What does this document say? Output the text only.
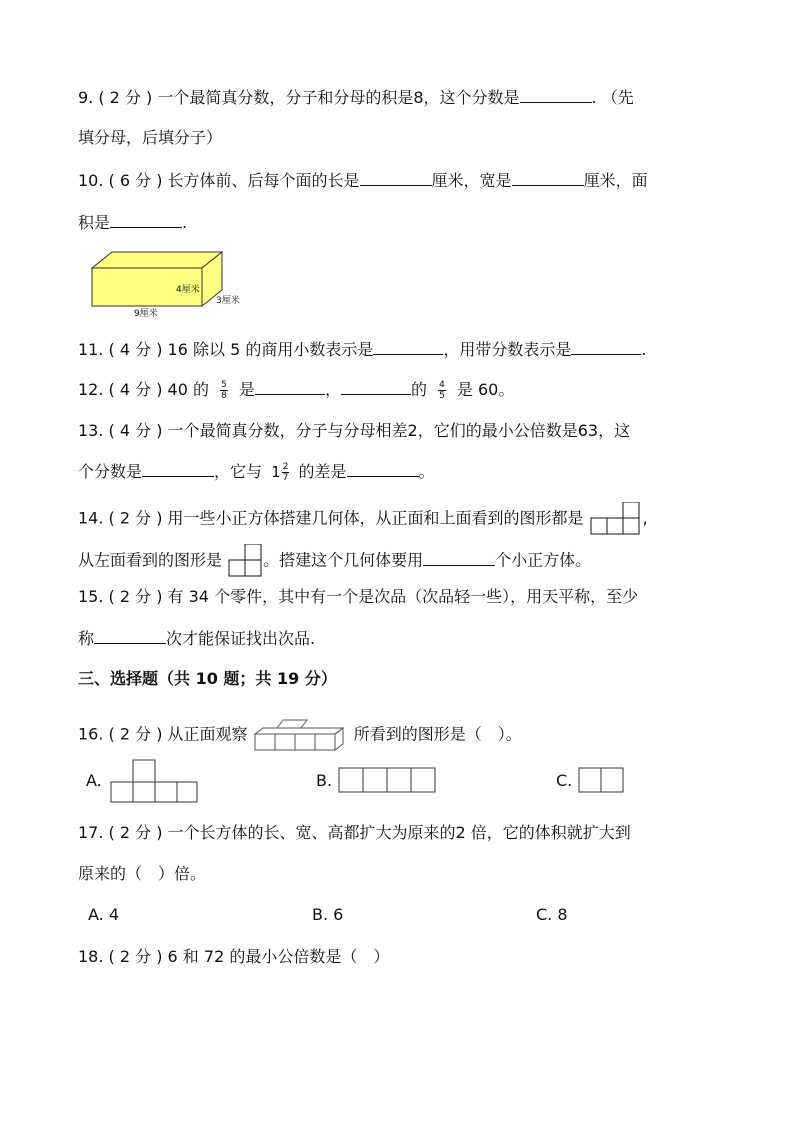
9. ( 2 分 ) 一个最简真分数，分子和分母的积是8，这个分数是	. （先
填分母，后填分子）
10. ( 6 分 ) 长方体前、后每个面的长是	厘米，宽是	厘米，面
积是	.
4厘米
3厘米
9厘米
11. ( 4 分 ) 16 除以 5 的商用小数表示是	，用带分数表示是	.
12. ( 4 分 ) 40 的 $\frac{5}{8}$ 是	，	的 $\frac{4}{5}$ 是 60。
13. ( 4 分 ) 一个最简真分数，分子与分母相差2，它们的最小公倍数是63，这
个分数是	，它与 $1 \frac{2}{7}$ 的差是	。
14. ( 2 分 ) 用一些小正方体搭建几何体，从正面和上面看到的图形都是	,
从左面看到的图形是	。搭建这个几何体要用	个小正方体。
15. ( 2 分 ) 有 34 个零件，其中有一个是次品（次品轻一些），用天平称，至少
称	次才能保证找出次品.
三、选择题（共 10 题；共 19 分）
16. ( 2 分 ) 从正面观察	所看到的图形是（　）。
A.	B.	C.
17. ( 2 分 ) 一个长方体的长、宽、高都扩大为原来的2 倍，它的体积就扩大到
原来的（　）倍。
A. 4	B. 6	C. 8
18. ( 2 分 ) 6 和 72 的最小公倍数是（　）
